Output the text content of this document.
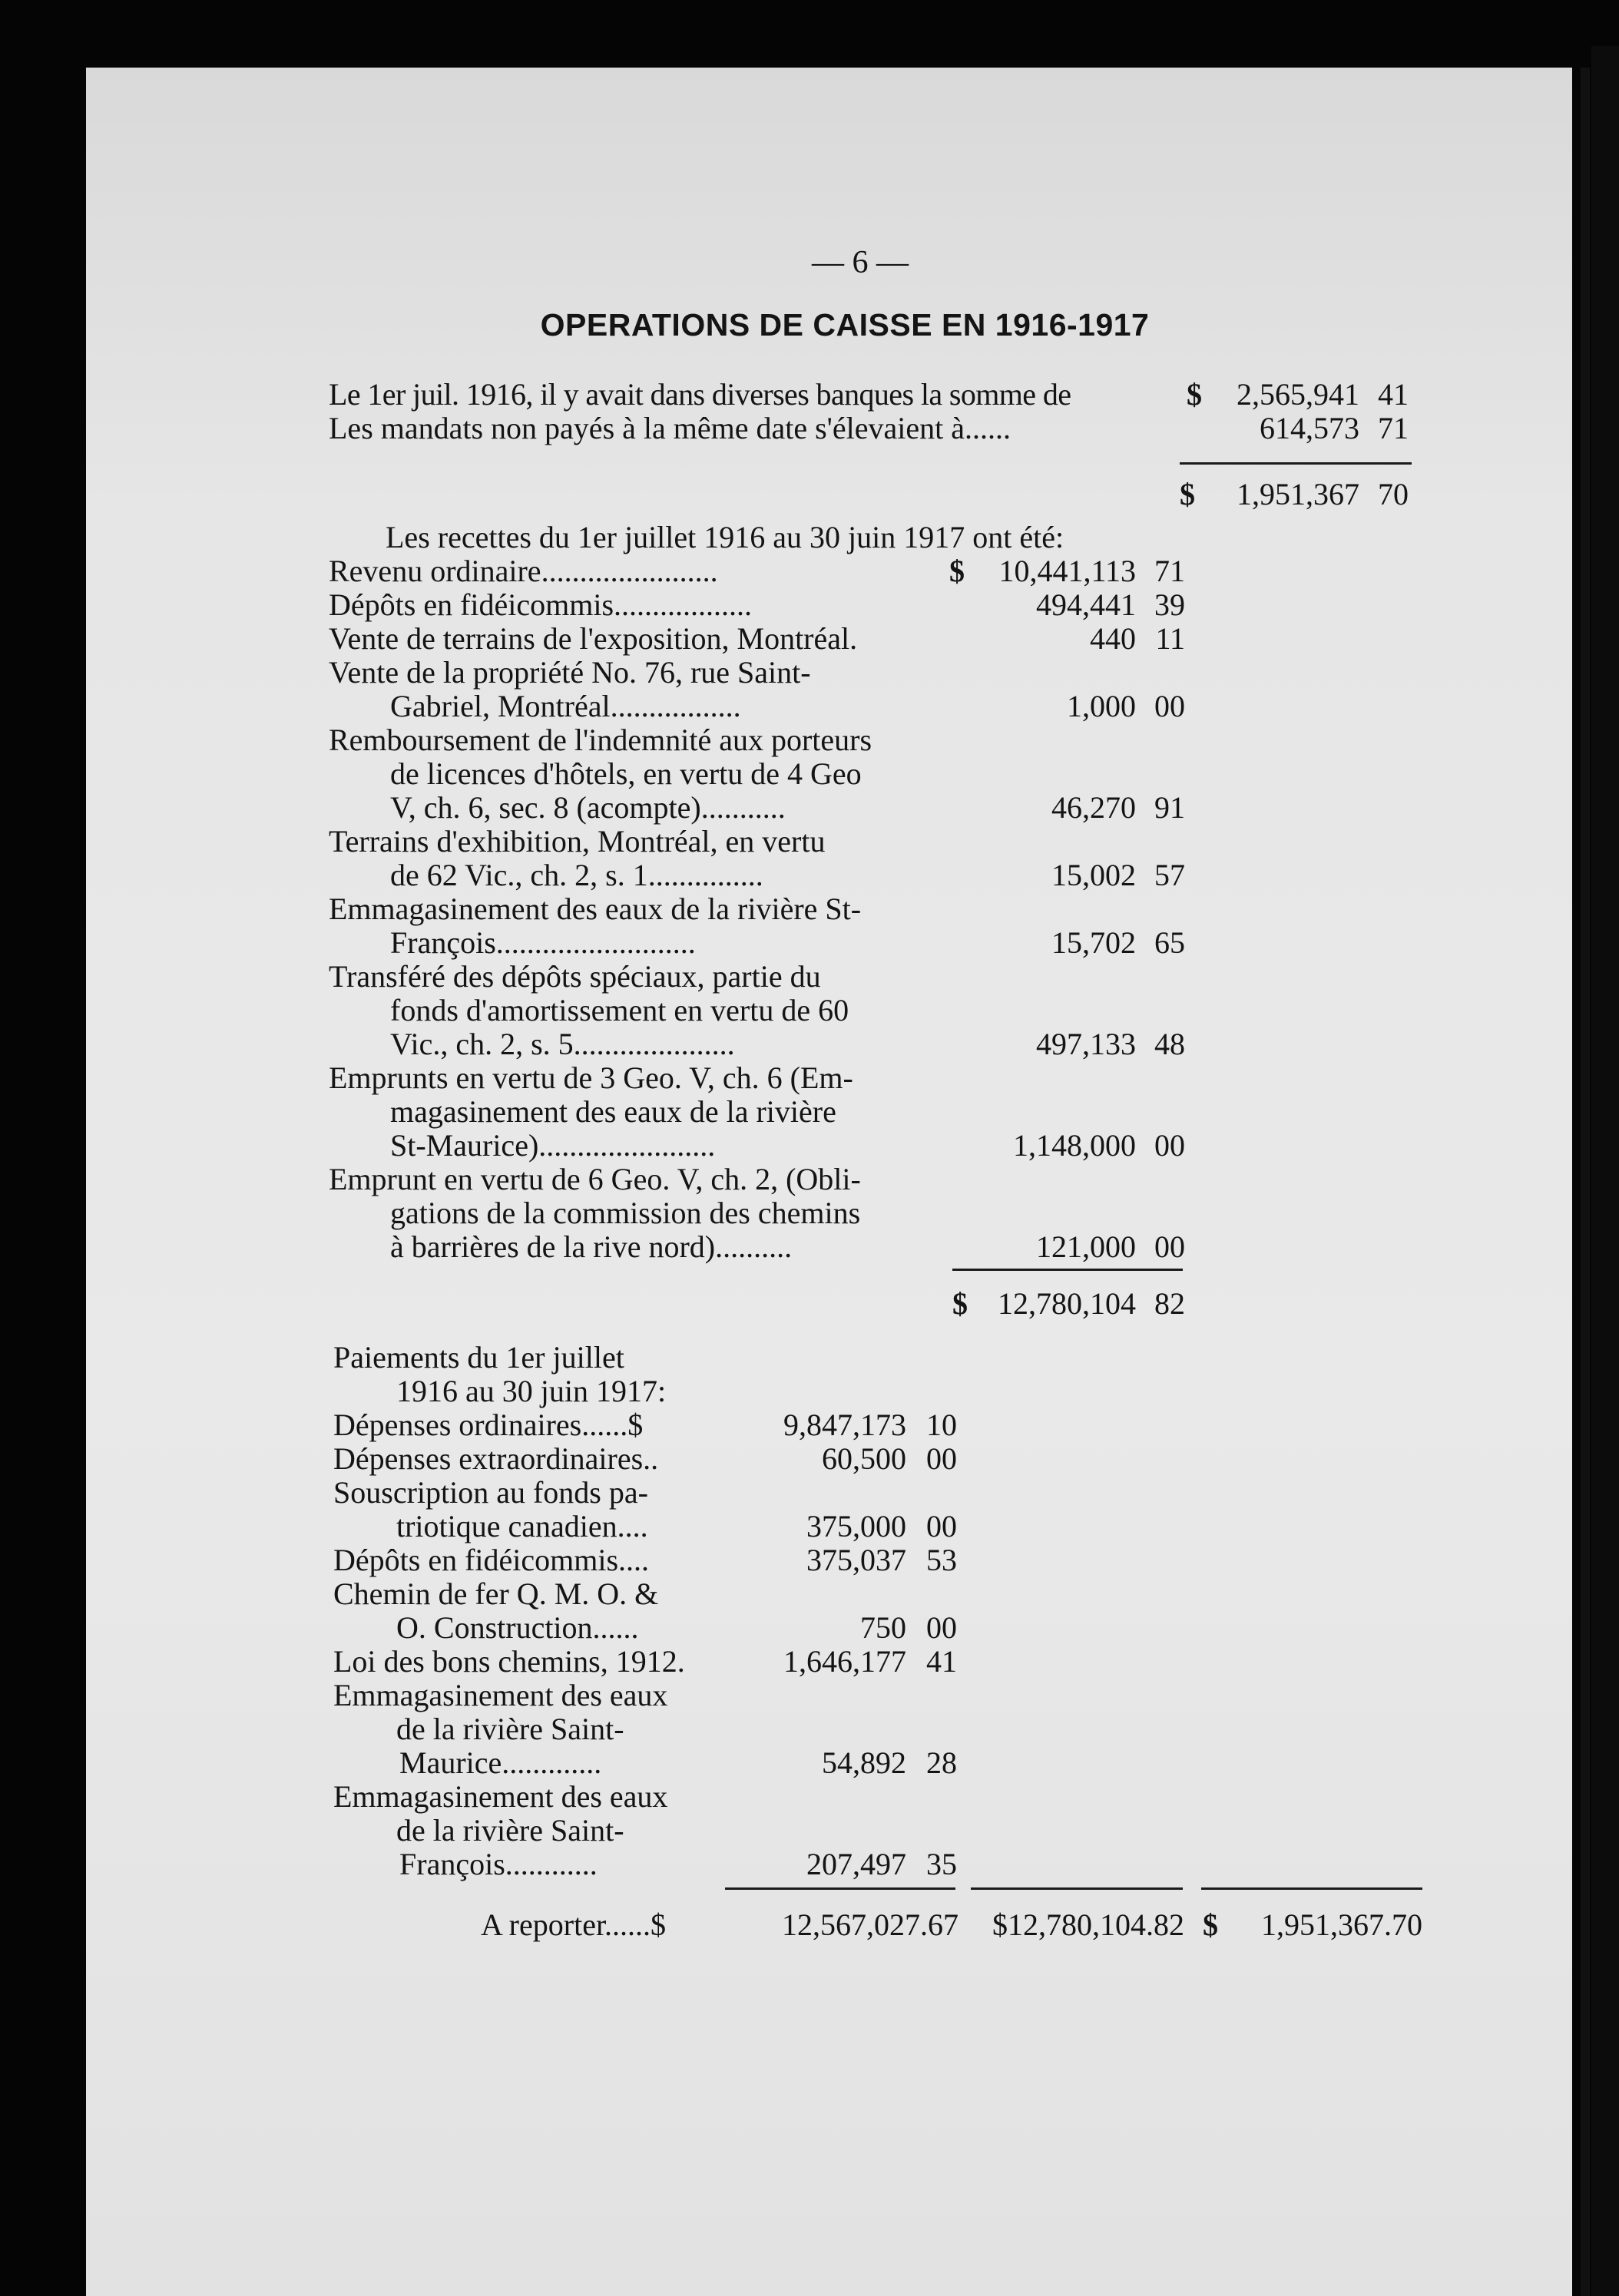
— 6 —
OPERATIONS DE CAISSE EN 1916-1917
Le 1er juil. 1916, il y avait dans diverses banques la somme de	$	2,565,941 41
Les mandats non payés à la même date s'élevaient à......	614,573 71
$	1,951,367 70
Les recettes du 1er juillet 1916 au 30 juin 1917 ont été:
Revenu ordinaire.......................	$	10,441,113 71
Dépôts en fidéicommis..................	494,441 39
Vente de terrains de l'exposition, Montréal.	440 11
Vente de la propriété No. 76, rue Saint-
Gabriel, Montréal.................	1,000 00
Remboursement de l'indemnité aux porteurs
de licences d'hôtels, en vertu de 4 Geo
V, ch. 6, sec. 8 (acompte)...........	46,270 91
Terrains d'exhibition, Montréal, en vertu
de 62 Vic., ch. 2, s. 1...............	15,002 57
Emmagasinement des eaux de la rivière St-
François..........................	15,702 65
Transféré des dépôts spéciaux, partie du
fonds d'amortissement en vertu de 60
Vic., ch. 2, s. 5.....................	497,133 48
Emprunts en vertu de 3 Geo. V, ch. 6 (Em-
magasinement des eaux de la rivière
St-Maurice).......................	1,148,000 00
Emprunt en vertu de 6 Geo. V, ch. 2, (Obli-
gations de la commission des chemins
à barrières de la rive nord)..........	121,000 00
$ 12,780,104 82
Paiements du 1er juillet
1916 au 30 juin 1917:
Dépenses ordinaires......$	9,847,173 10
Dépenses extraordinaires..	60,500 00
Souscription au fonds pa-
triotique canadien....	375,000 00
Dépôts en fidéicommis....	375,037 53
Chemin de fer Q. M. O. &
O. Construction......	750 00
Loi des bons chemins, 1912.	1,646,177 41
Emmagasinement des eaux
de la rivière Saint-
Maurice.............	54,892 28
Emmagasinement des eaux
de la rivière Saint-
François............	207,497 35
A reporter......$	12,567,027.67	$12,780,104.82 $	1,951,367.70
